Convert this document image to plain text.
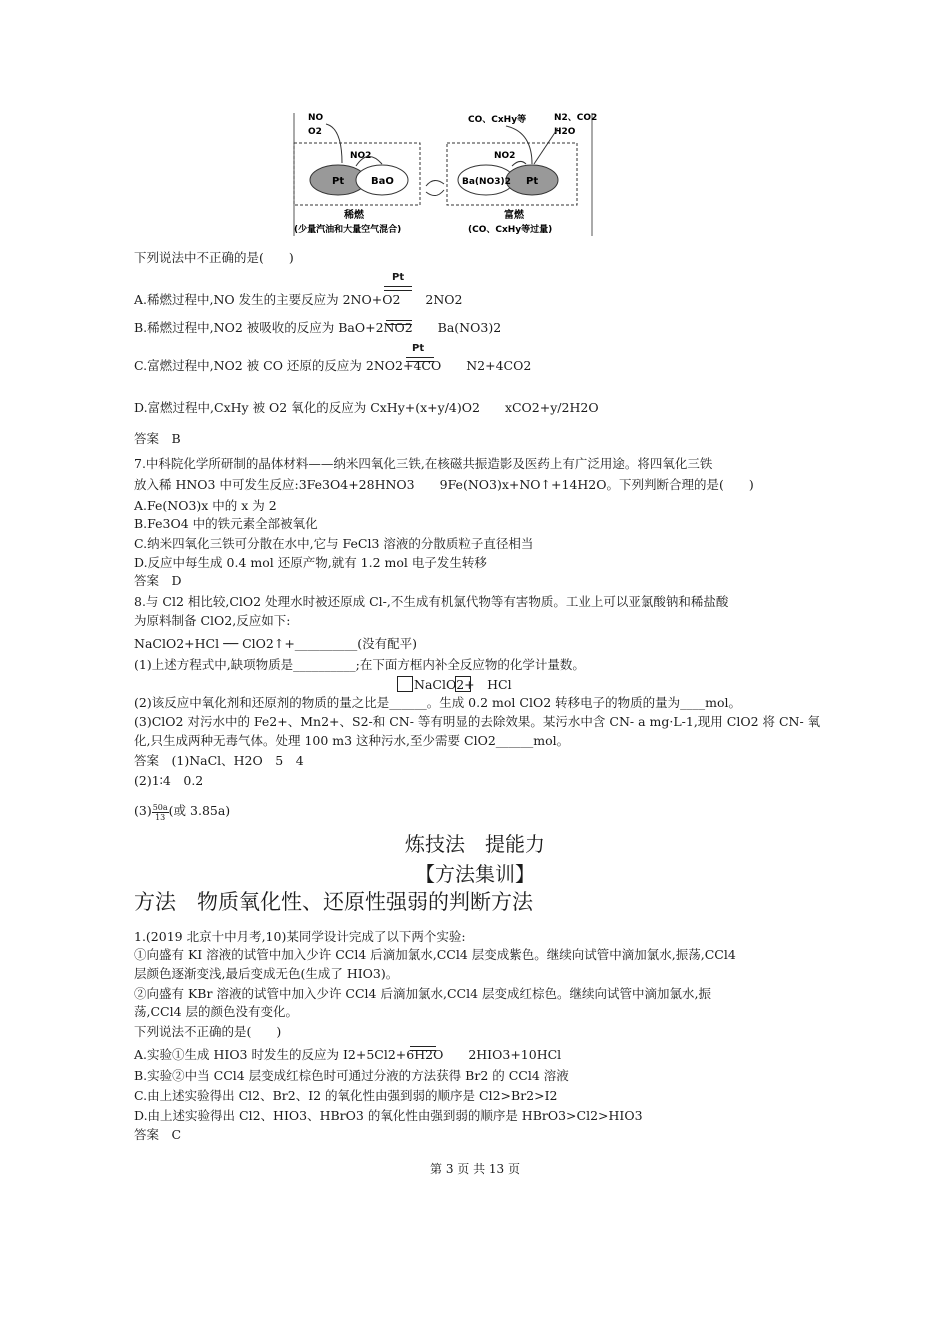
Pt	BaO	Ba(NO3)2 Pt
NO
O2
NO2
CO、CxHy等	N2、CO2
H2O
NO2
稀燃
(少量汽油和大量空气混合)
富燃
(CO、CxHy等过量)
下列说法中不正确的是(　　)
Pt
A.稀燃过程中,NO 发生的主要反应为 2NO+O2　　2NO2
B.稀燃过程中,NO2 被吸收的反应为 BaO+2NO2　　Ba(NO3)2
Pt
C.富燃过程中,NO2 被 CO 还原的反应为 2NO2+4CO　　N2+4CO2
D.富燃过程中,CxHy 被 O2 氧化的反应为 CxHy+(x+y/4)O2　　xCO2+y/2H2O
答案　B
7.中科院化学所研制的晶体材料——纳米四氧化三铁,在核磁共振造影及医药上有广泛用途。将四氧化三铁
放入稀 HNO3 中可发生反应:3Fe3O4+28HNO3　　9Fe(NO3)x+NO↑+14H2O。下列判断合理的是(　　)
A.Fe(NO3)x 中的 x 为 2
B.Fe3O4 中的铁元素全部被氧化
C.纳米四氧化三铁可分散在水中,它与 FeCl3 溶液的分散质粒子直径相当
D.反应中每生成 0.4 mol 还原产物,就有 1.2 mol 电子发生转移
答案　D
8.与 Cl2 相比较,ClO2 处理水时被还原成 Cl-,不生成有机氯代物等有害物质。工业上可以亚氯酸钠和稀盐酸
为原料制备 ClO2,反应如下:
NaClO2+HCl ── ClO2↑+__________(没有配平)
(1)上述方程式中,缺项物质是__________;在下面方框内补全反应物的化学计量数。
NaClO2+　HCl
(2)该反应中氧化剂和还原剂的物质的量之比是______。生成 0.2 mol ClO2 转移电子的物质的量为____mol。
(3)ClO2 对污水中的 Fe2+、Mn2+、S2-和 CN- 等有明显的去除效果。某污水中含 CN- a mg·L-1,现用 ClO2 将 CN- 氧
化,只生成两种无毒气体。处理 100 m3 这种污水,至少需要 ClO2______mol。
答案　(1)NaCl、H2O　5　4
(2)1∶4　0.2
$(3) \frac{50a}{13}$ (或 3.85a)
炼技法　提能力
【方法集训】
方法　物质氧化性、还原性强弱的判断方法
1.(2019 北京十中月考,10)某同学设计完成了以下两个实验:
①向盛有 KI 溶液的试管中加入少许 CCl4 后滴加氯水,CCl4 层变成紫色。继续向试管中滴加氯水,振荡,CCl4
层颜色逐渐变浅,最后变成无色(生成了 HIO3)。
②向盛有 KBr 溶液的试管中加入少许 CCl4 后滴加氯水,CCl4 层变成红棕色。继续向试管中滴加氯水,振
荡,CCl4 层的颜色没有变化。
下列说法不正确的是(　　)
A.实验①生成 HIO3 时发生的反应为 I2+5Cl2+6H2O　　2HIO3+10HCl
B.实验②中当 CCl4 层变成红棕色时可通过分液的方法获得 Br2 的 CCl4 溶液
C.由上述实验得出 Cl2、Br2、I2 的氧化性由强到弱的顺序是 Cl2>Br2>I2
D.由上述实验得出 Cl2、HIO3、HBrO3 的氧化性由强到弱的顺序是 HBrO3>Cl2>HIO3
答案　C
第 3 页 共 13 页
